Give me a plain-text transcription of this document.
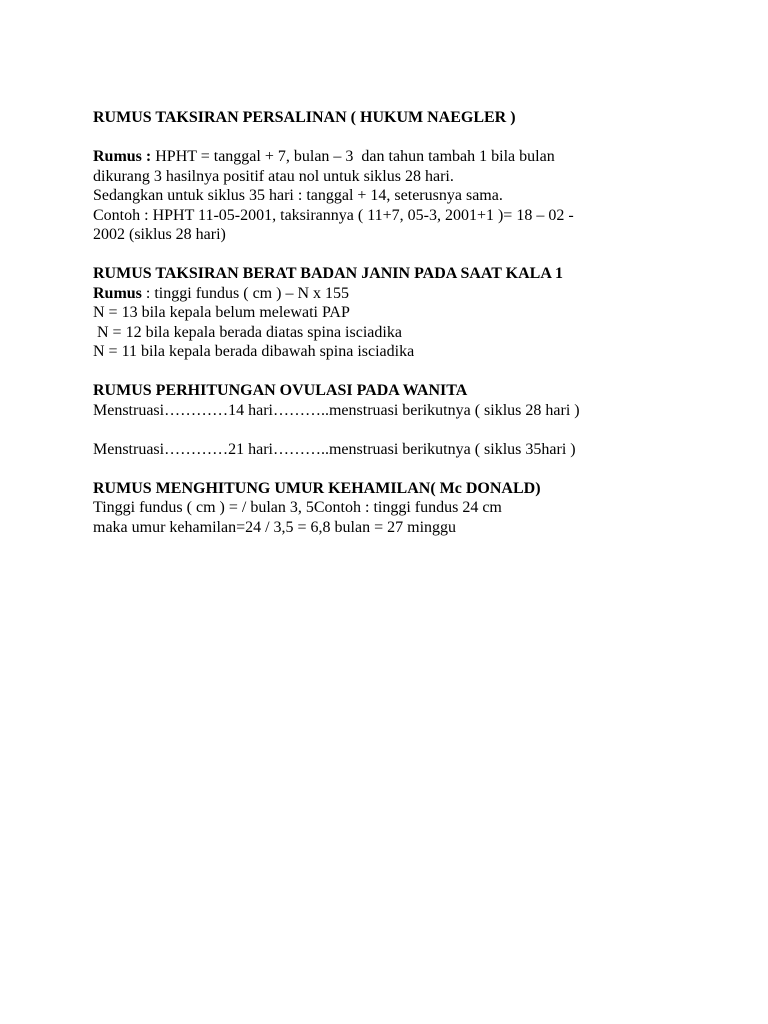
RUMUS TAKSIRAN PERSALINAN ( HUKUM NAEGLER )
Rumus : HPHT = tanggal + 7, bulan – 3  dan tahun tambah 1 bila bulan
dikurang 3 hasilnya positif atau nol untuk siklus 28 hari.
Sedangkan untuk siklus 35 hari : tanggal + 14, seterusnya sama.
Contoh : HPHT 11-05-2001, taksirannya ( 11+7, 05-3, 2001+1 )= 18 – 02 -
2002 (siklus 28 hari)
RUMUS TAKSIRAN BERAT BADAN JANIN PADA SAAT KALA 1
Rumus : tinggi fundus ( cm ) – N x 155
N = 13 bila kepala belum melewati PAP
N = 12 bila kepala berada diatas spina isciadika
N = 11 bila kepala berada dibawah spina isciadika
RUMUS PERHITUNGAN OVULASI PADA WANITA
Menstruasi…………14 hari………..menstruasi berikutnya ( siklus 28 hari )
Menstruasi…………21 hari………..menstruasi berikutnya ( siklus 35hari )
RUMUS MENGHITUNG UMUR KEHAMILAN( Mc DONALD)
Tinggi fundus ( cm ) = / bulan 3, 5Contoh : tinggi fundus 24 cm
maka umur kehamilan=24 / 3,5 = 6,8 bulan = 27 minggu
